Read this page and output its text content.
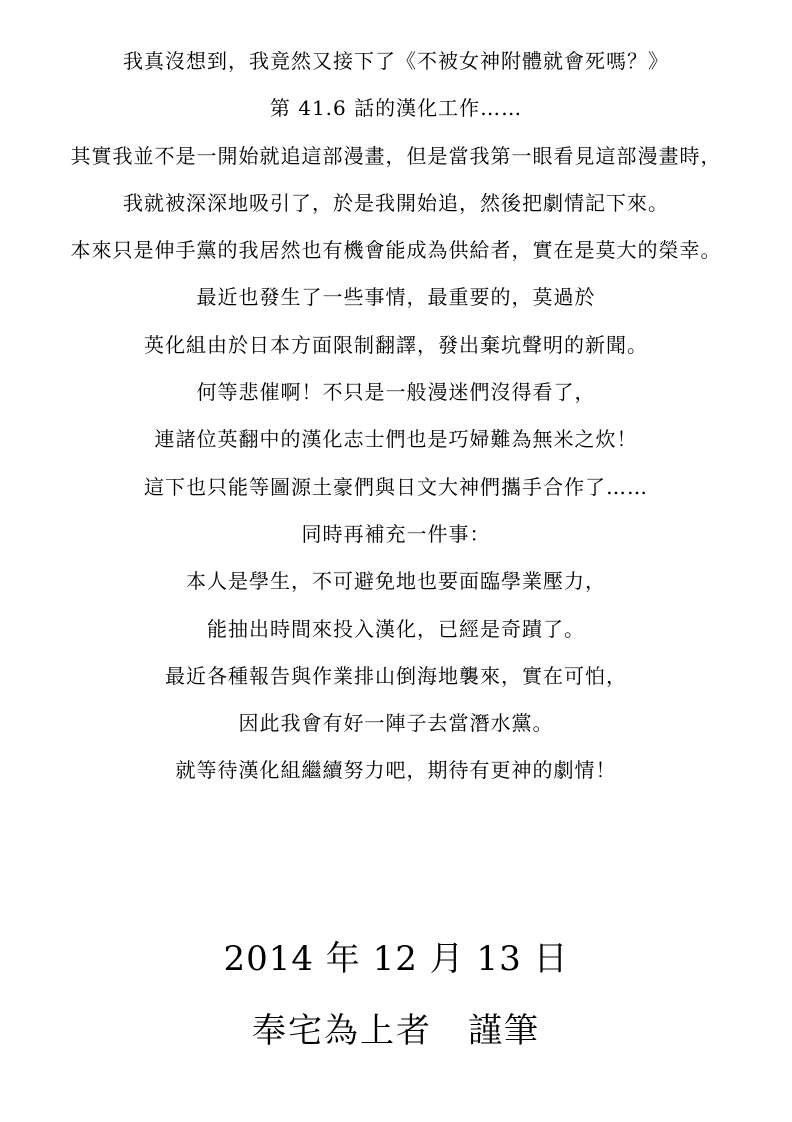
我真沒想到，我竟然又接下了《不被女神附體就會死嗎？》
第 41.6 話的漢化工作……
其實我並不是一開始就追這部漫畫，但是當我第一眼看見這部漫畫時，
我就被深深地吸引了，於是我開始追，然後把劇情記下來。
本來只是伸手黨的我居然也有機會能成為供給者，實在是莫大的榮幸。
最近也發生了一些事情，最重要的，莫過於
英化組由於日本方面限制翻譯，發出棄坑聲明的新聞。
何等悲催啊！不只是一般漫迷們沒得看了，
連諸位英翻中的漢化志士們也是巧婦難為無米之炊！
這下也只能等圖源土豪們與日文大神們攜手合作了……
同時再補充一件事：
本人是學生，不可避免地也要面臨學業壓力，
能抽出時間來投入漢化，已經是奇蹟了。
最近各種報告與作業排山倒海地襲來，實在可怕，
因此我會有好一陣子去當潛水黨。
就等待漢化組繼續努力吧，期待有更神的劇情！
2014 年 12 月 13 日
奉宅為上者　謹筆
